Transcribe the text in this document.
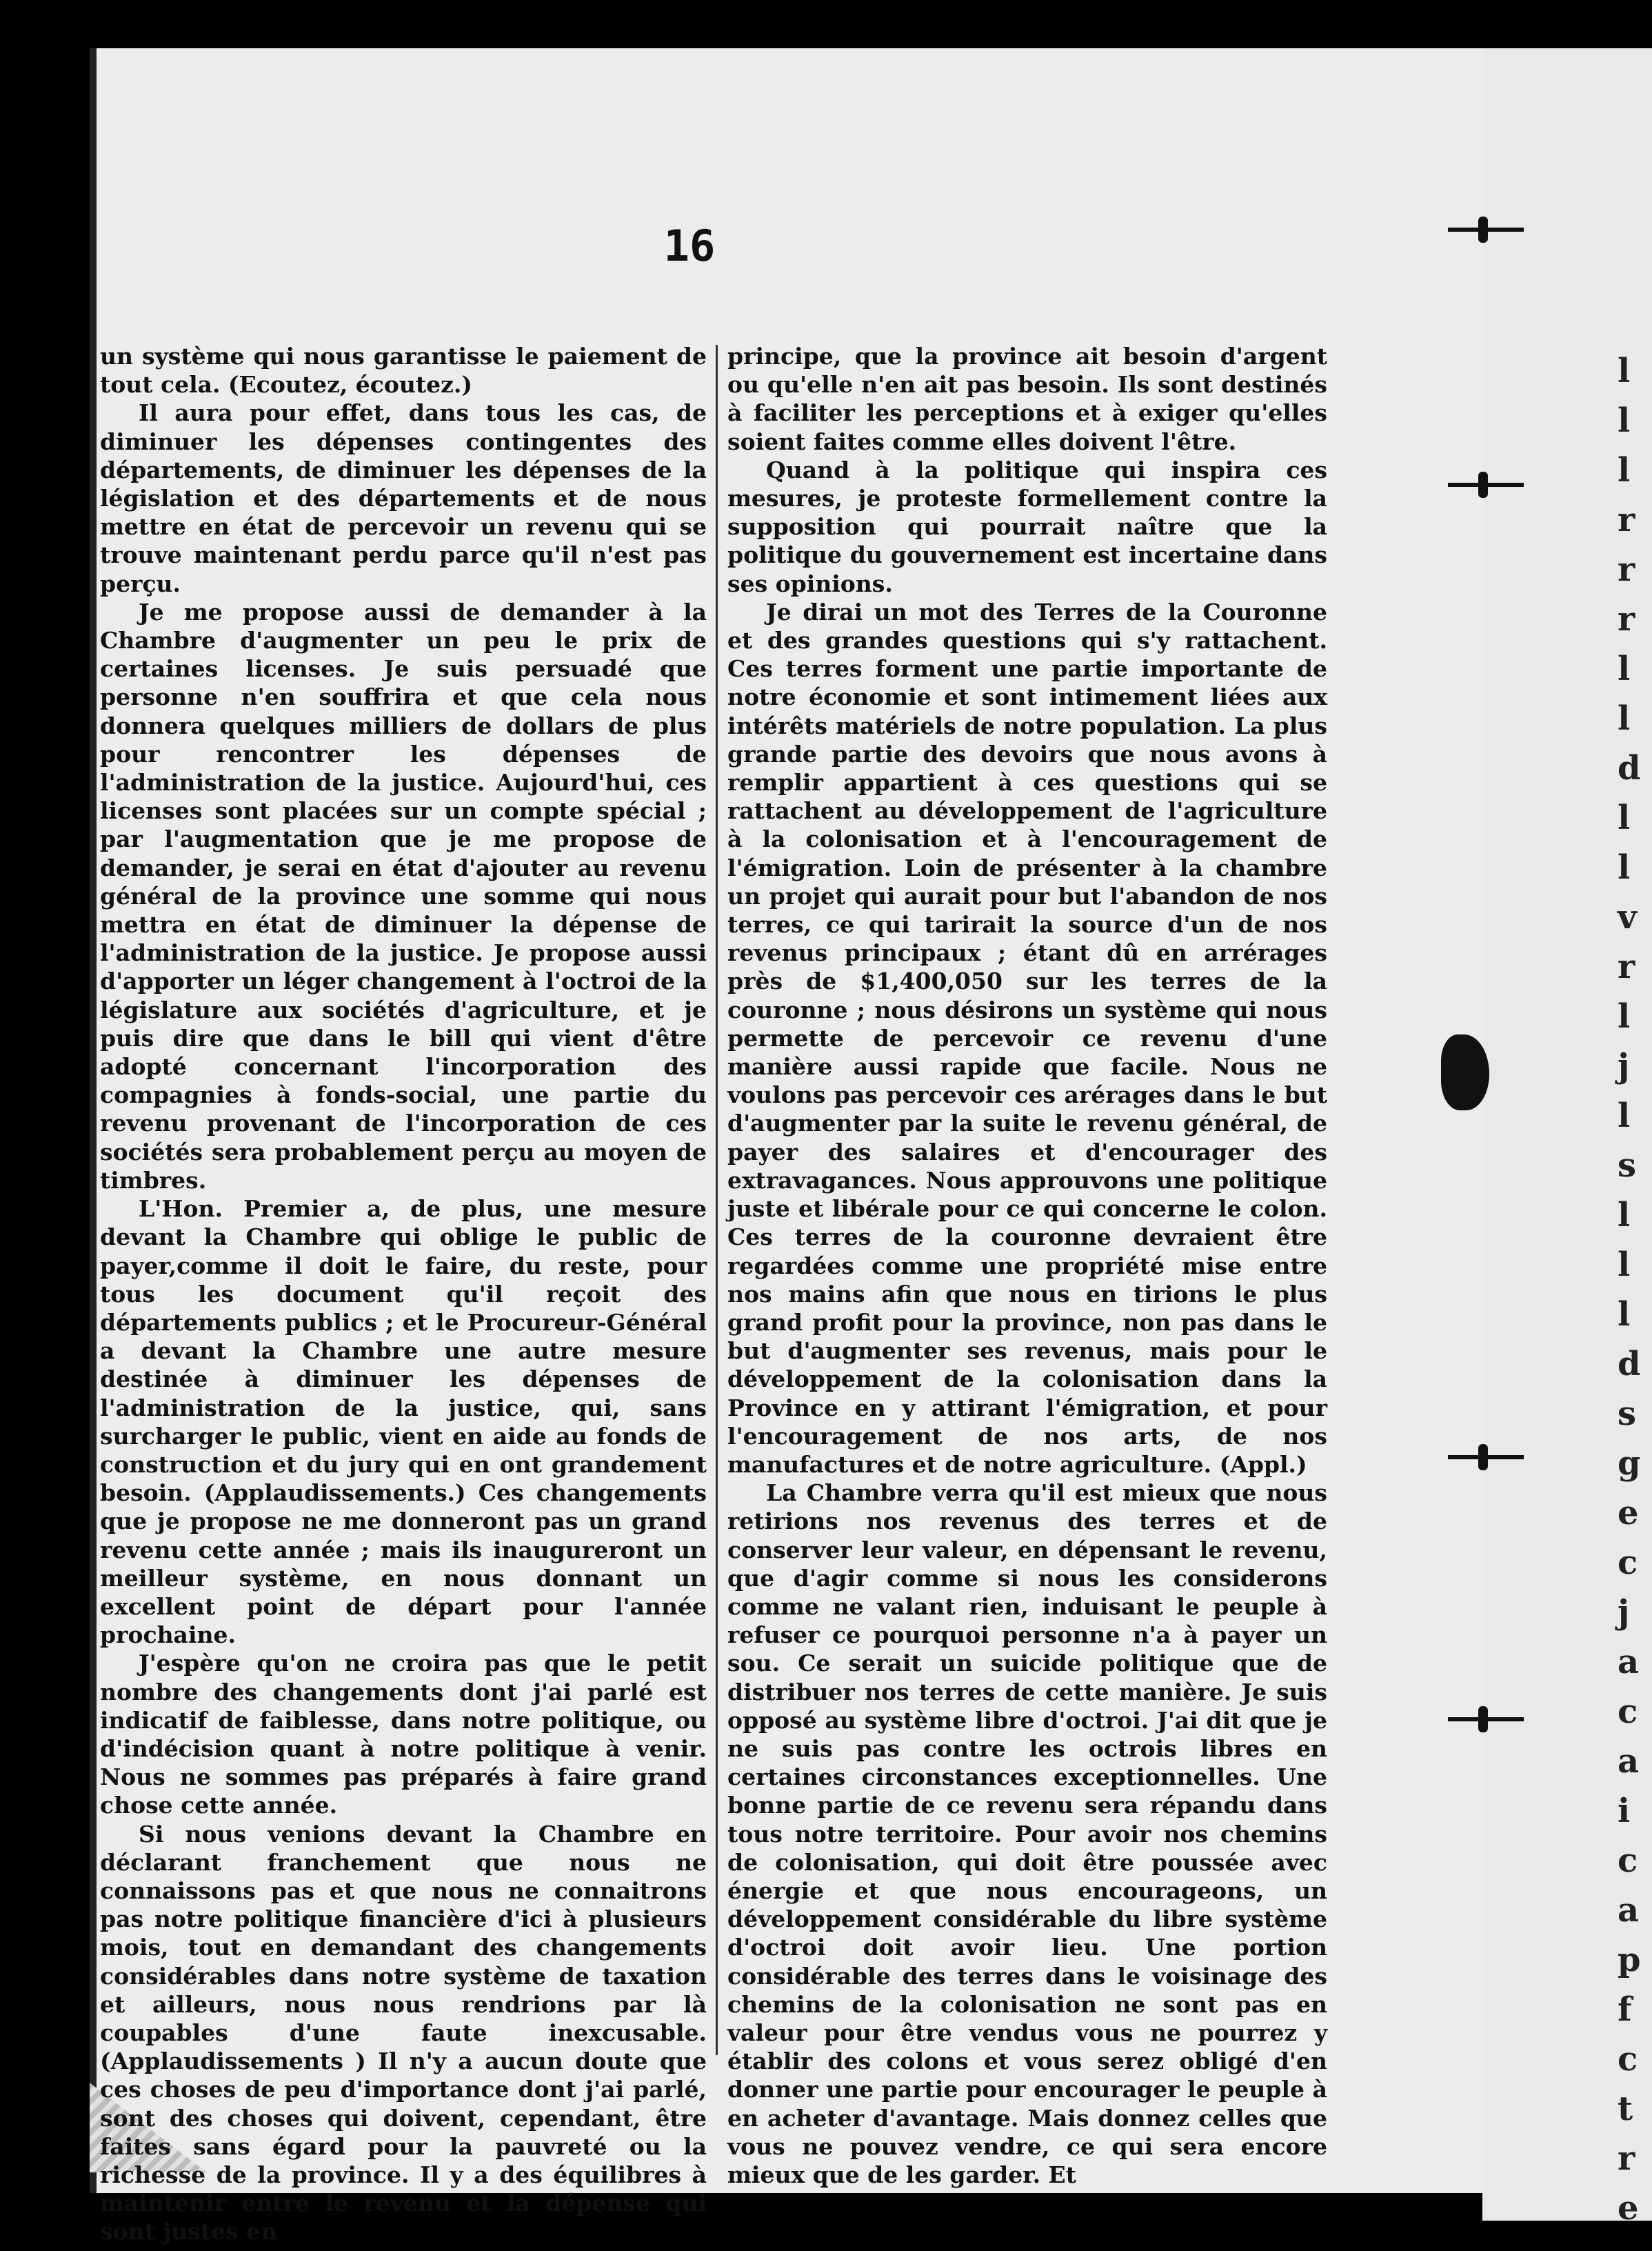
l
l
l
r
r
r
l
l
d
l
l
v
r
l
j
l
s
l
l
l
d
s
g
e
c
j
a
c
a
i
c
a
p
f
c
t
r
e
16

un système qui nous garantisse le paiement de tout cela. (Ecoutez, écoutez.)

Il aura pour effet, dans tous les cas, de diminuer les dépenses contingentes des départements, de diminuer les dépenses de la législation et des départements et de nous mettre en état de percevoir un revenu qui se trouve maintenant perdu parce qu'il n'est pas perçu.

Je me propose aussi de demander à la Chambre d'augmenter un peu le prix de certaines licenses. Je suis persuadé que personne n'en souffrira et que cela nous donnera quelques milliers de dollars de plus pour rencontrer les dépenses de l'administration de la justice. Aujourd'hui, ces licenses sont placées sur un compte spécial ; par l'augmentation que je me propose de demander, je serai en état d'ajouter au revenu général de la province une somme qui nous mettra en état de diminuer la dépense de l'administration de la justice. Je propose aussi d'apporter un léger changement à l'octroi de la législature aux sociétés d'agriculture, et je puis dire que dans le bill qui vient d'être adopté concernant l'incorporation des compagnies à fonds-social, une partie du revenu provenant de l'incorporation de ces sociétés sera probablement perçu au moyen de timbres.

L'Hon. Premier a, de plus, une mesure devant la Chambre qui oblige le public de payer,comme il doit le faire, du reste, pour tous les document qu'il reçoit des départements publics ; et le Procureur-Général a devant la Chambre une autre mesure destinée à diminuer les dépenses de l'administration de la justice, qui, sans surcharger le public, vient en aide au fonds de construction et du jury qui en ont grandement besoin. (Applaudissements.) Ces changements que je propose ne me donneront pas un grand revenu cette année ; mais ils inaugureront un meilleur système, en nous donnant un excellent point de départ pour l'année prochaine.

J'espère qu'on ne croira pas que le petit nombre des changements dont j'ai parlé est indicatif de faiblesse, dans notre politique, ou d'indécision quant à notre politique à venir. Nous ne sommes pas préparés à faire grand chose cette année.

Si nous venions devant la Chambre en déclarant franchement que nous ne connaissons pas et que nous ne connaitrons pas notre politique financière d'ici à plusieurs mois, tout en demandant des changements considérables dans notre système de taxation et ailleurs, nous nous rendrions par là coupables d'une faute inexcusable. (Applaudissements ) Il n'y a aucun doute que ces choses de peu d'importance dont j'ai parlé, sont des choses qui doivent, cependant, être faites sans égard pour la pauvreté ou la richesse de la province. Il y a des équilibres à maintenir entre le revenu et la dépense qui sont justes en

principe, que la province ait besoin d'argent ou qu'elle n'en ait pas besoin. Ils sont destinés à faciliter les perceptions et à exiger qu'elles soient faites comme elles doivent l'être.

Quand à la politique qui inspira ces mesures, je proteste formellement contre la supposition qui pourrait naître que la politique du gouvernement est incertaine dans ses opinions.

Je dirai un mot des Terres de la Couronne et des grandes questions qui s'y rattachent. Ces terres forment une partie importante de notre économie et sont intimement liées aux intérêts matériels de notre population. La plus grande partie des devoirs que nous avons à remplir appartient à ces questions qui se rattachent au développement de l'agriculture à la colonisation et à l'encouragement de l'émigration. Loin de présenter à la chambre un projet qui aurait pour but l'abandon de nos terres, ce qui tarirait la source d'un de nos revenus principaux ; étant dû en arrérages près de $1,400,050 sur les terres de la couronne ; nous désirons un système qui nous permette de percevoir ce revenu d'une manière aussi rapide que facile. Nous ne voulons pas percevoir ces arérages dans le but d'augmenter par la suite le revenu général, de payer des salaires et d'encourager des extravagances. Nous approuvons une politique juste et libérale pour ce qui concerne le colon. Ces terres de la couronne devraient être regardées comme une propriété mise entre nos mains afin que nous en tirions le plus grand profit pour la province, non pas dans le but d'augmenter ses revenus, mais pour le développement de la colonisation dans la Province en y attirant l'émigration, et pour l'encouragement de nos arts, de nos manufactures et de notre agriculture. (Appl.)

La Chambre verra qu'il est mieux que nous retirions nos revenus des terres et de conserver leur valeur, en dépensant le revenu, que d'agir comme si nous les considerons comme ne valant rien, induisant le peuple à refuser ce pourquoi personne n'a à payer un sou. Ce serait un suicide politique que de distribuer nos terres de cette manière. Je suis opposé au système libre d'octroi. J'ai dit que je ne suis pas contre les octrois libres en certaines circonstances exceptionnelles. Une bonne partie de ce revenu sera répandu dans tous notre territoire. Pour avoir nos chemins de colonisation, qui doit être poussée avec énergie et que nous encourageons, un développement considérable du libre système d'octroi doit avoir lieu. Une portion considérable des terres dans le voisinage des chemins de la colonisation ne sont pas en valeur pour être vendus vous ne pourrez y établir des colons et vous serez obligé d'en donner une partie pour encourager le peuple à en acheter d'avantage. Mais donnez celles que vous ne pouvez vendre, ce qui sera encore mieux que de les garder. Et
